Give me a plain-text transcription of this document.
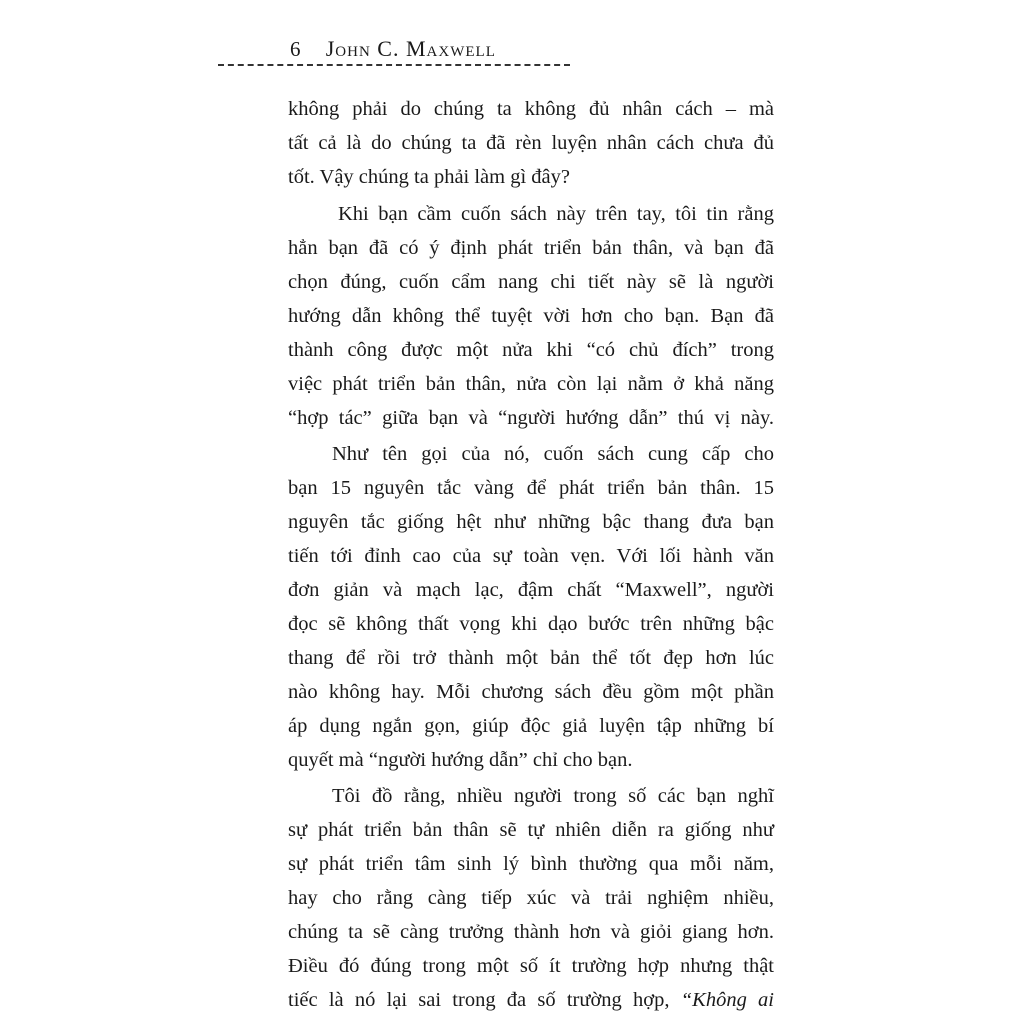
6 John C. Maxwell
không phải do chúng ta không đủ nhân cách – mà
tất cả là do chúng ta đã rèn luyện nhân cách chưa đủ
tốt. Vậy chúng ta phải làm gì đây?
Khi bạn cầm cuốn sách này trên tay, tôi tin rằng
hẳn bạn đã có ý định phát triển bản thân, và bạn đã
chọn đúng, cuốn cẩm nang chi tiết này sẽ là người
hướng dẫn không thể tuyệt vời hơn cho bạn. Bạn đã
thành công được một nửa khi “có chủ đích” trong
việc phát triển bản thân, nửa còn lại nằm ở khả năng
“hợp tác” giữa bạn và “người hướng dẫn” thú vị này.
Như tên gọi của nó, cuốn sách cung cấp cho
bạn 15 nguyên tắc vàng để phát triển bản thân. 15
nguyên tắc giống hệt như những bậc thang đưa bạn
tiến tới đỉnh cao của sự toàn vẹn. Với lối hành văn
đơn giản và mạch lạc, đậm chất “Maxwell”, người
đọc sẽ không thất vọng khi dạo bước trên những bậc
thang để rồi trở thành một bản thể tốt đẹp hơn lúc
nào không hay. Mỗi chương sách đều gồm một phần
áp dụng ngắn gọn, giúp độc giả luyện tập những bí
quyết mà “người hướng dẫn” chỉ cho bạn.
Tôi đồ rằng, nhiều người trong số các bạn nghĩ
sự phát triển bản thân sẽ tự nhiên diễn ra giống như
sự phát triển tâm sinh lý bình thường qua mỗi năm,
hay cho rằng càng tiếp xúc và trải nghiệm nhiều,
chúng ta sẽ càng trưởng thành hơn và giỏi giang hơn.
Điều đó đúng trong một số ít trường hợp nhưng thật
tiếc là nó lại sai trong đa số trường hợp, “Không ai
